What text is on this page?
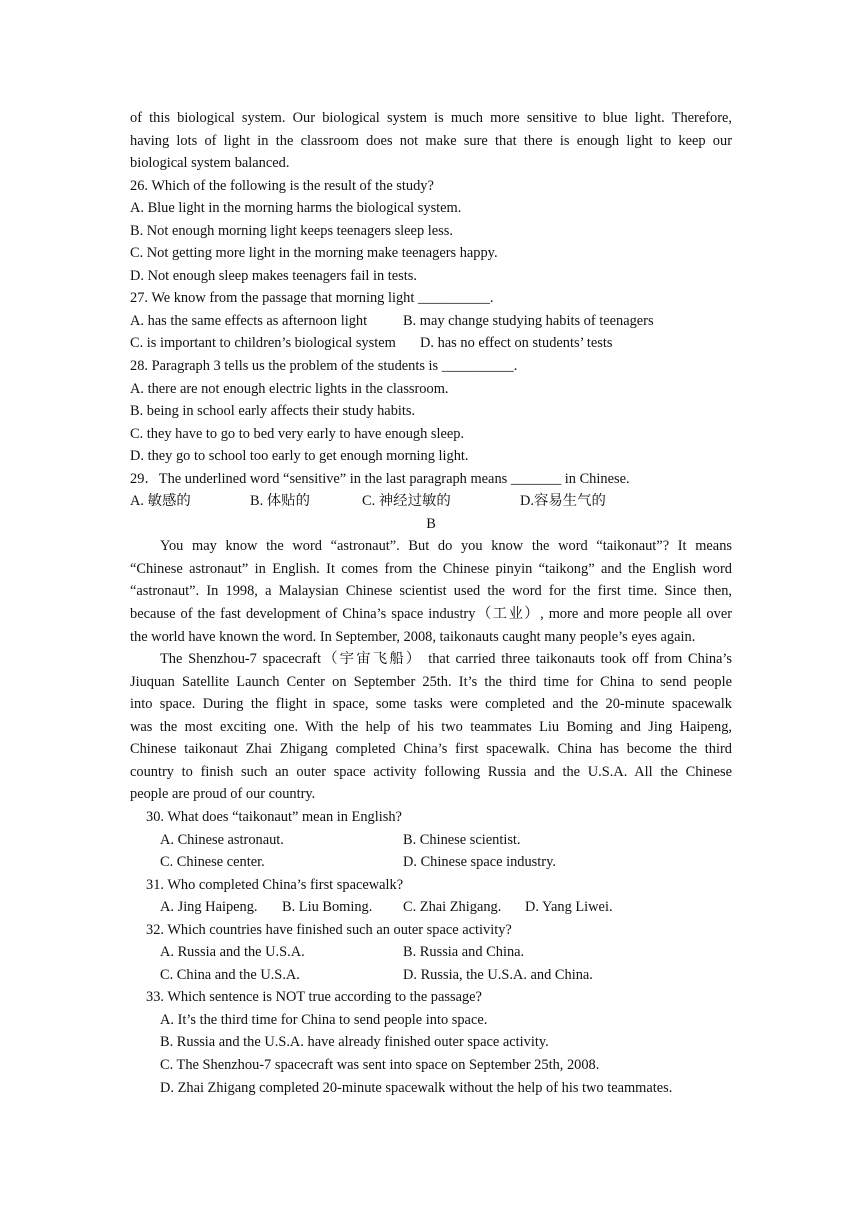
of this biological system. Our biological system is much more sensitive to blue light. Therefore,
having lots of light in the classroom does not make sure that there is enough light to keep our
biological system balanced.
26. Which of the following is the result of the study?
A. Blue light in the morning harms the biological system.
B. Not enough morning light keeps teenagers sleep less.
C. Not getting more light in the morning make teenagers happy.
D. Not enough sleep makes teenagers fail in tests.
27. We know from the passage that morning light __________.
A. has the same effects as afternoon light B. may change studying habits of teenagers
C. is important to children’s biological system D. has no effect on students’ tests
28. Paragraph 3 tells us the problem of the students is __________.
A. there are not enough electric lights in the classroom.
B. being in school early affects their study habits.
C. they have to go to bed very early to have enough sleep.
D. they go to school too early to get enough morning light.
29．The underlined word “sensitive” in the last paragraph means _______ in Chinese.
A. 敏感的	B. 体贴的	C. 神经过敏的	D.容易生气的
B
You may know the word “astronaut”. But do you know the word “taikonaut”? It means
“Chinese astronaut” in English. It comes from the Chinese pinyin “taikong” and the English word
“astronaut”. In 1998, a Malaysian Chinese scientist used the word for the first time. Since then,
because of the fast development of China’s space industry（工业）, more and more people all over
the world have known the word. In September, 2008, taikonauts caught many people’s eyes again.
The Shenzhou-7 spacecraft（宇宙飞船） that carried three taikonauts took off from China’s
Jiuquan Satellite Launch Center on September 25th. It’s the third time for China to send people
into space. During the flight in space, some tasks were completed and the 20-minute spacewalk
was the most exciting one. With the help of his two teammates Liu Boming and Jing Haipeng,
Chinese taikonaut Zhai Zhigang completed China’s first spacewalk. China has become the third
country to finish such an outer space activity following Russia and the U.S.A. All the Chinese
people are proud of our country.
30. What does “taikonaut” mean in English?
A. Chinese astronaut.	B. Chinese scientist.
C. Chinese center.	D. Chinese space industry.
31. Who completed China’s first spacewalk?
A. Jing Haipeng. B. Liu Boming. C. Zhai Zhigang. D. Yang Liwei.
32. Which countries have finished such an outer space activity?
A. Russia and the U.S.A.	B. Russia and China.
C. China and the U.S.A.	D. Russia, the U.S.A. and China.
33. Which sentence is NOT true according to the passage?
A. It’s the third time for China to send people into space.
B. Russia and the U.S.A. have already finished outer space activity.
C. The Shenzhou-7 spacecraft was sent into space on September 25th, 2008.
D. Zhai Zhigang completed 20-minute spacewalk without the help of his two teammates.
